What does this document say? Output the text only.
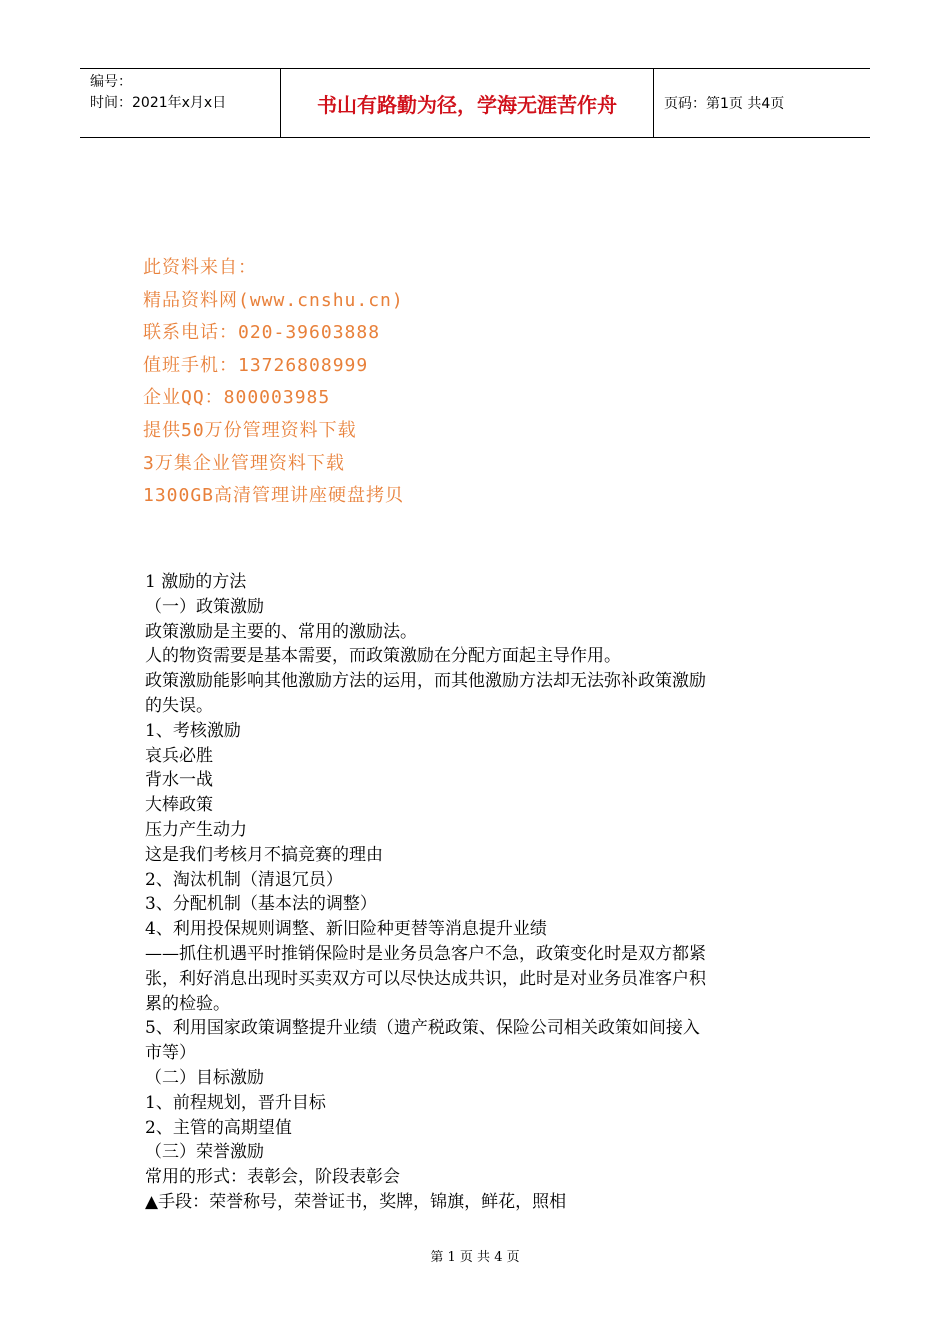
编号：
时间：2021年x月x日	书山有路勤为径，学海无涯苦作舟	页码：第1页 共4页
此资料来自：
精品资料网(www.cnshu.cn)
联系电话：020-39603888
值班手机：13726808999
企业QQ：800003985
提供50万份管理资料下载
3万集企业管理资料下载
1300GB高清管理讲座硬盘拷贝
1 激励的方法
（一）政策激励
政策激励是主要的、常用的激励法。
人的物资需要是基本需要，而政策激励在分配方面起主导作用。
政策激励能影响其他激励方法的运用，而其他激励方法却无法弥补政策激励
的失误。
1、考核激励
哀兵必胜
背水一战
大棒政策
压力产生动力
这是我们考核月不搞竞赛的理由
2、淘汰机制（清退冗员）
3、分配机制（基本法的调整）
4、利用投保规则调整、新旧险种更替等消息提升业绩
——抓住机遇平时推销保险时是业务员急客户不急，政策变化时是双方都紧
张，利好消息出现时买卖双方可以尽快达成共识，此时是对业务员准客户积
累的检验。
5、利用国家政策调整提升业绩（遗产税政策、保险公司相关政策如间接入
市等）
（二）目标激励
1、前程规划，晋升目标
2、主管的高期望值
（三）荣誉激励
常用的形式：表彰会，阶段表彰会
▲手段：荣誉称号，荣誉证书，奖牌，锦旗，鲜花，照相
第 1 页 共 4 页
